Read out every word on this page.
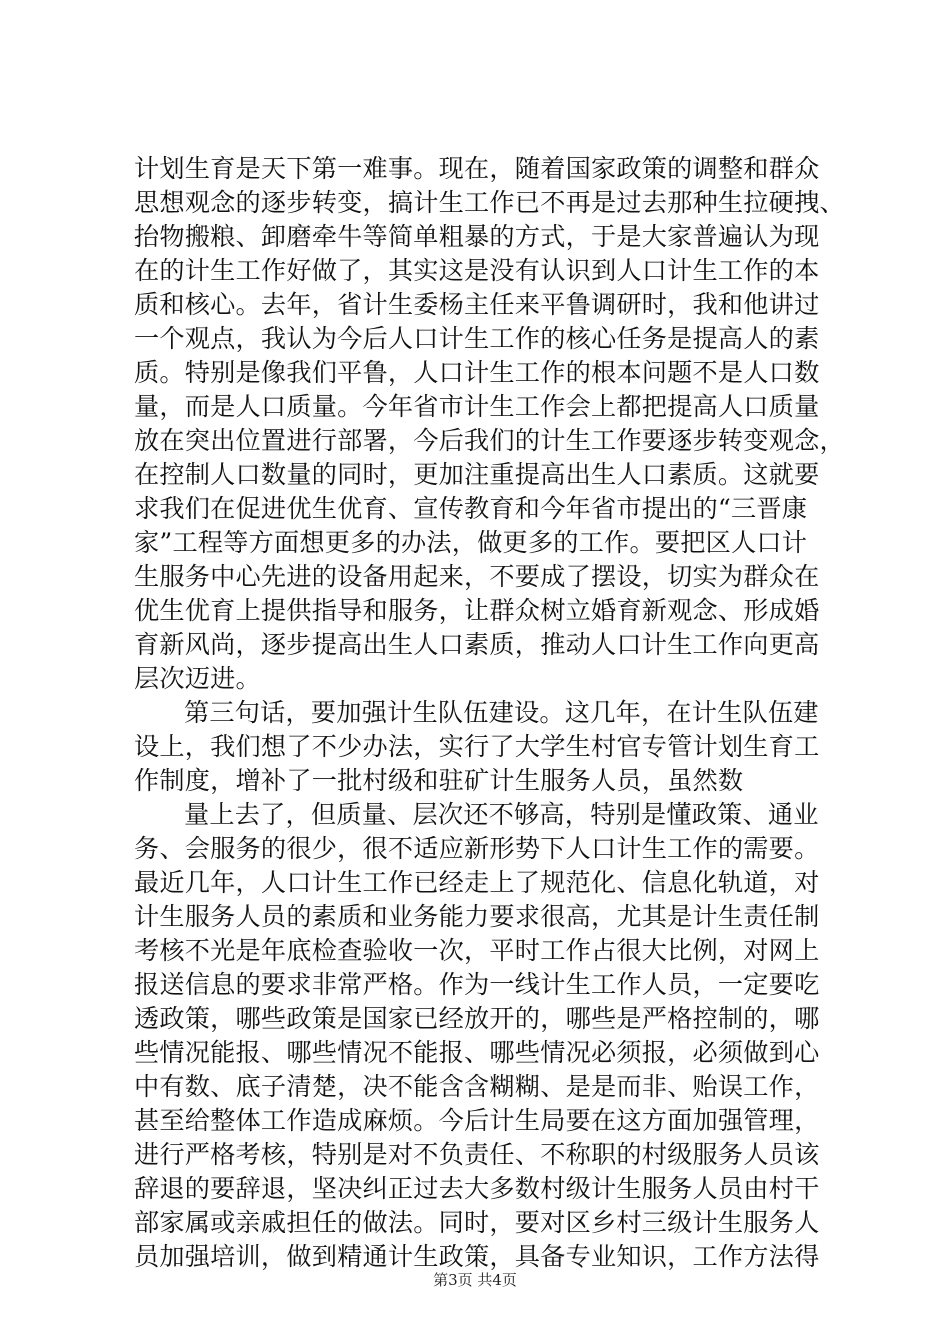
计划生育是天下第一难事。现在，随着国家政策的调整和群众
思想观念的逐步转变，搞计生工作已不再是过去那种生拉硬拽、
抬物搬粮、卸磨牵牛等简单粗暴的方式，于是大家普遍认为现
在的计生工作好做了，其实这是没有认识到人口计生工作的本
质和核心。去年，省计生委杨主任来平鲁调研时，我和他讲过
一个观点，我认为今后人口计生工作的核心任务是提高人的素
质。特别是像我们平鲁，人口计生工作的根本问题不是人口数
量，而是人口质量。今年省市计生工作会上都把提高人口质量
放在突出位置进行部署，今后我们的计生工作要逐步转变观念，
在控制人口数量的同时，更加注重提高出生人口素质。这就要
求我们在促进优生优育、宣传教育和今年省市提出的“三晋康
家”工程等方面想更多的办法，做更多的工作。要把区人口计
生服务中心先进的设备用起来，不要成了摆设，切实为群众在
优生优育上提供指导和服务，让群众树立婚育新观念、形成婚
育新风尚，逐步提高出生人口素质，推动人口计生工作向更高
层次迈进。
第三句话，要加强计生队伍建设。这几年，在计生队伍建
设上，我们想了不少办法，实行了大学生村官专管计划生育工
作制度，增补了一批村级和驻矿计生服务人员，虽然数
量上去了，但质量、层次还不够高，特别是懂政策、通业
务、会服务的很少，很不适应新形势下人口计生工作的需要。
最近几年，人口计生工作已经走上了规范化、信息化轨道，对
计生服务人员的素质和业务能力要求很高，尤其是计生责任制
考核不光是年底检查验收一次，平时工作占很大比例，对网上
报送信息的要求非常严格。作为一线计生工作人员，一定要吃
透政策，哪些政策是国家已经放开的，哪些是严格控制的，哪
些情况能报、哪些情况不能报、哪些情况必须报，必须做到心
中有数、底子清楚，决不能含含糊糊、是是而非、贻误工作，
甚至给整体工作造成麻烦。今后计生局要在这方面加强管理，
进行严格考核，特别是对不负责任、不称职的村级服务人员该
辞退的要辞退，坚决纠正过去大多数村级计生服务人员由村干
部家属或亲戚担任的做法。同时，要对区乡村三级计生服务人
员加强培训，做到精通计生政策，具备专业知识，工作方法得
第3页 共4页
